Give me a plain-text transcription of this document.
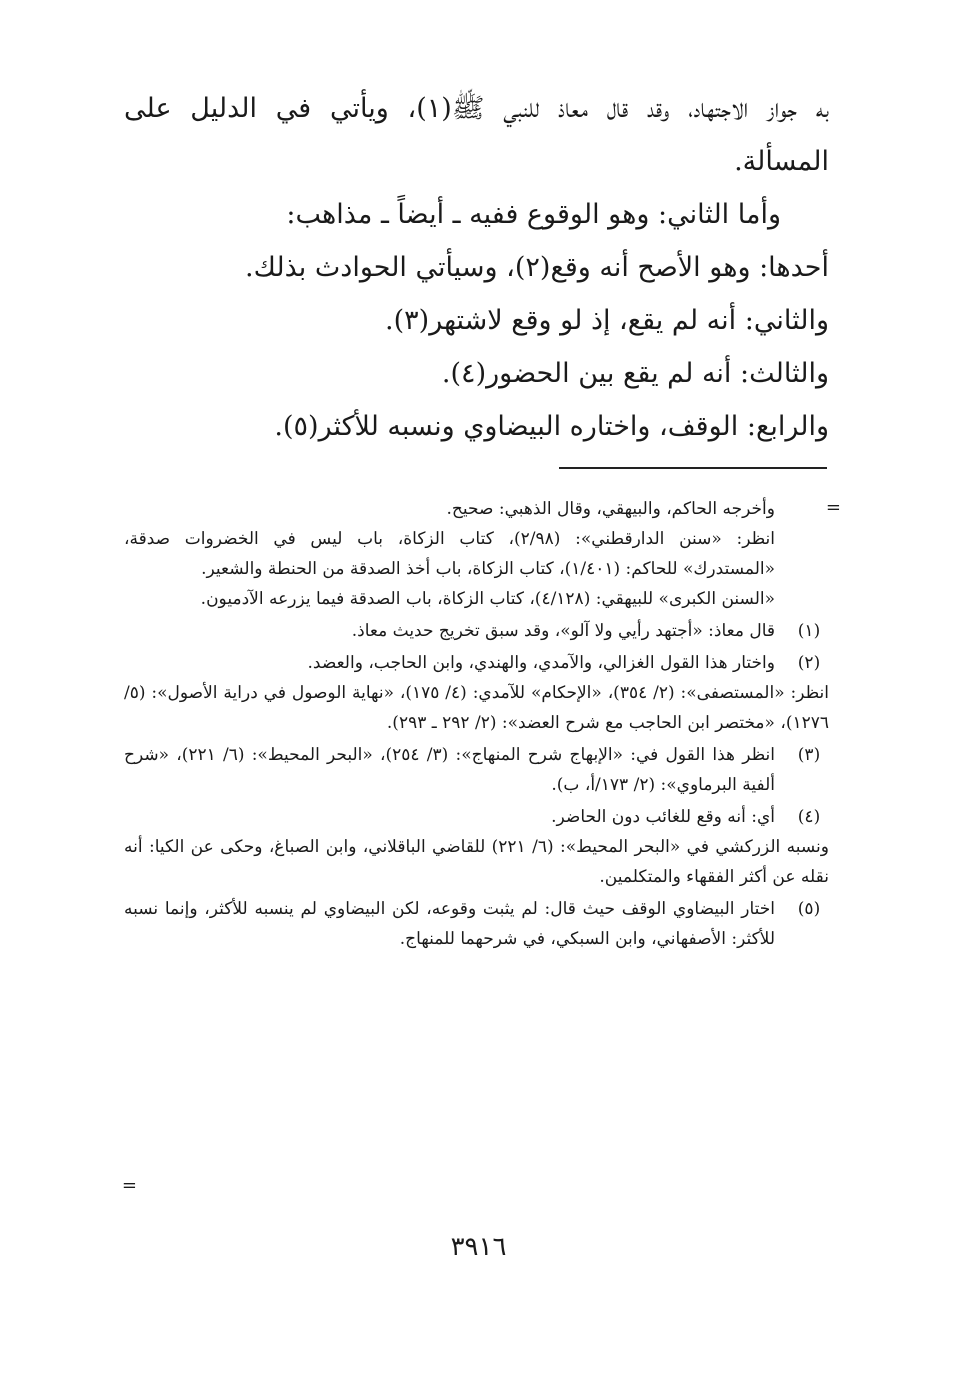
به جواز الاجتهاد، وقد قال معاذ للنبي ﷺ(١)، ويأتي في الدليل على

المسألة.

وأما الثاني: وهو الوقوع ففيه ـ أيضاً ـ مذاهب:

أحدها: وهو الأصح أنه وقع(٢)، وسيأتي الحوادث بذلك.

والثاني: أنه لم يقع، إذ لو وقع لاشتهر(٣).

والثالث: أنه لم يقع بين الحضور(٤).

والرابع: الوقف، واختاره البيضاوي ونسبه للأكثر(٥).

=

وأخرجه الحاكم، والبيهقي، وقال الذهبي: صحيح.

انظر: «سنن الدارقطني»: (٢/٩٨)، كتاب الزكاة، باب ليس في الخضروات صدقة، «المستدرك» للحاكم: (١/٤٠١)، كتاب الزكاة، باب أخذ الصدقة من الحنطة والشعير.

«السنن الكبرى» للبيهقي: (٤/١٢٨)، كتاب الزكاة، باب الصدقة فيما يزرعه الآدميون.

(١)

قال معاذ: «أجتهد رأيي ولا آلو»، وقد سبق تخريج حديث معاذ.

(٢)

واختار هذا القول الغزالي، والآمدي، والهندي، وابن الحاجب، والعضد.

انظر: «المستصفى»: (٢/ ٣٥٤)، «الإحكام» للآمدي: (٤/ ١٧٥)، «نهاية الوصول في دراية الأصول»: (٥/ ١٢٧٦)، «مختصر ابن الحاجب مع شرح العضد»: (٢/ ٢٩٢ ـ ٢٩٣).

(٣)

انظر هذا القول في: «الإبهاج شرح المنهاج»: (٣/ ٢٥٤)، «البحر المحيط»: (٦/ ٢٢١)، «شرح ألفية البرماوي»: (٢/ ١٧٣/أ، ب).

(٤)

أي: أنه وقع للغائب دون الحاضر.

ونسبه الزركشي في «البحر المحيط»: (٦/ ٢٢١) للقاضي الباقلاني، وابن الصباغ، وحكى عن الكيا: أنه نقله عن أكثر الفقهاء والمتكلمين.

(٥)

اختار البيضاوي الوقف حيث قال: لم يثبت وقوعه، لكن البيضاوي لم ينسبه للأكثر، وإنما نسبه للأكثر: الأصفهاني، وابن السبكي، في شرحهما للمنهاج.

=
٣٩١٦
